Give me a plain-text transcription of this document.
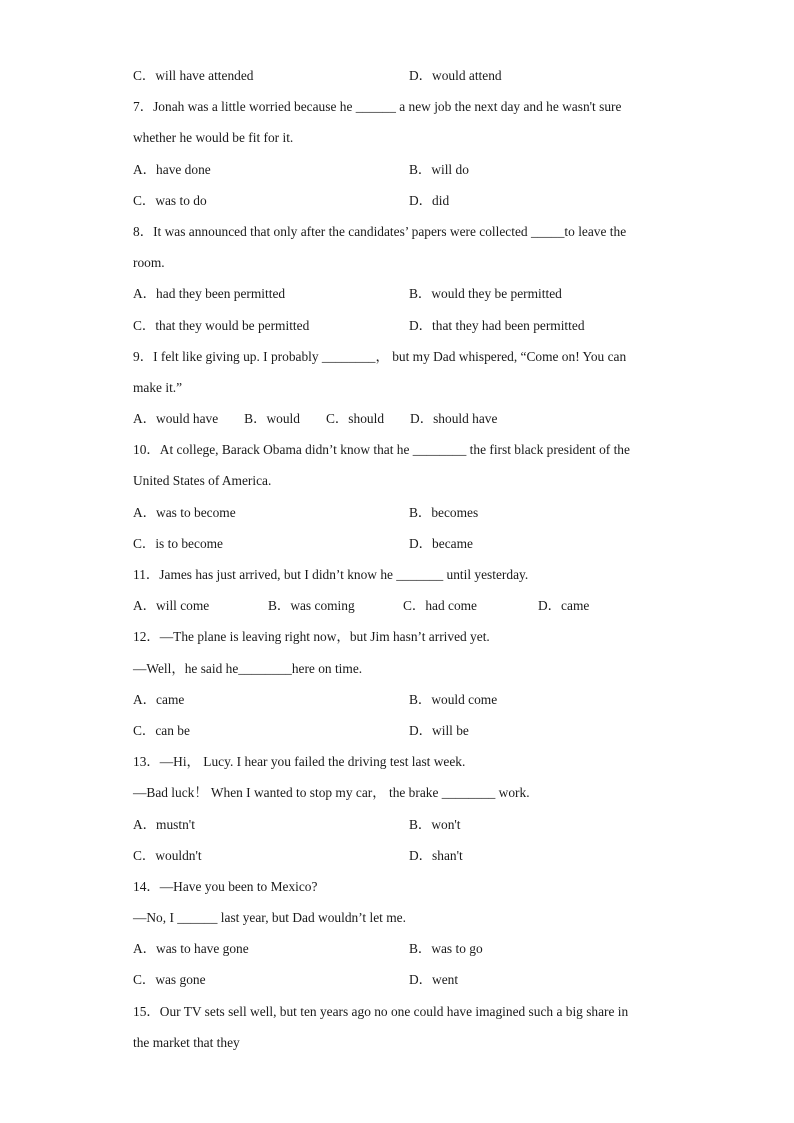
C．will have attended	D．would attend
7．Jonah was a little worried because he ______ a new job the next day and he wasn't sure
whether he would be fit for it.
A．have done	B．will do
C．was to do	D．did
8．It was announced that only after the candidates’ papers were collected _____to leave the
room.
A．had they been permitted	B．would they be permitted
C．that they would be permitted	D．that they had been permitted
9．I felt like giving up. I probably ________， but my Dad whispered, “Come on! You can
make it.”
A．would have B．would C．should D．should have
10．At college, Barack Obama didn’t know that he ________ the first black president of the
United States of America.
A．was to become	B．becomes
C．is to become	D．became
11．James has just arrived, but I didn’t know he _______ until yesterday.
A．will come	B．was coming	C．had come	D．came
12．—The plane is leaving right now，but Jim hasn’t arrived yet.
—Well，he said he________here on time.
A．came	B．would come
C．can be	D．will be
13．—Hi， Lucy. I hear you failed the driving test last week.
—Bad luck！ When I wanted to stop my car， the brake ________ work.
A．mustn't	B．won't
C．wouldn't	D．shan't
14．—Have you been to Mexico?
—No, I ______ last year, but Dad wouldn’t let me.
A．was to have gone	B．was to go
C．was gone	D．went
15．Our TV sets sell well, but ten years ago no one could have imagined such a big share in
the market that they
